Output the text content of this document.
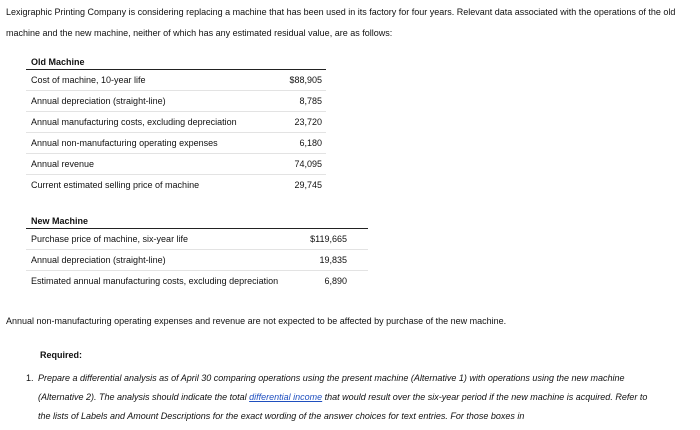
Lexigraphic Printing Company is considering replacing a machine that has been used in its factory for four years. Relevant data associated with the operations of the old machine and the new machine, neither of which has any estimated residual value, are as follows:

Old Machine
Cost of machine, 10-year life	$88,905
Annual depreciation (straight-line)	8,785
Annual manufacturing costs, excluding depreciation	23,720
Annual non-manufacturing operating expenses	6,180
Annual revenue	74,095
Current estimated selling price of machine	29,745
New Machine
Purchase price of machine, six-year life	$119,665
Annual depreciation (straight-line)	19,835
Estimated annual manufacturing costs, excluding depreciation	6,890

Annual non-manufacturing operating expenses and revenue are not expected to be affected by purchase of the new machine.

Required:

1. Prepare a differential analysis as of April 30 comparing operations using the present machine (Alternative 1) with operations using the new machine (Alternative 2). The analysis should indicate the total differential income that would result over the six-year period if the new machine is acquired. Refer to the lists of Labels and Amount Descriptions for the exact wording of the answer choices for text entries. For those boxes in
